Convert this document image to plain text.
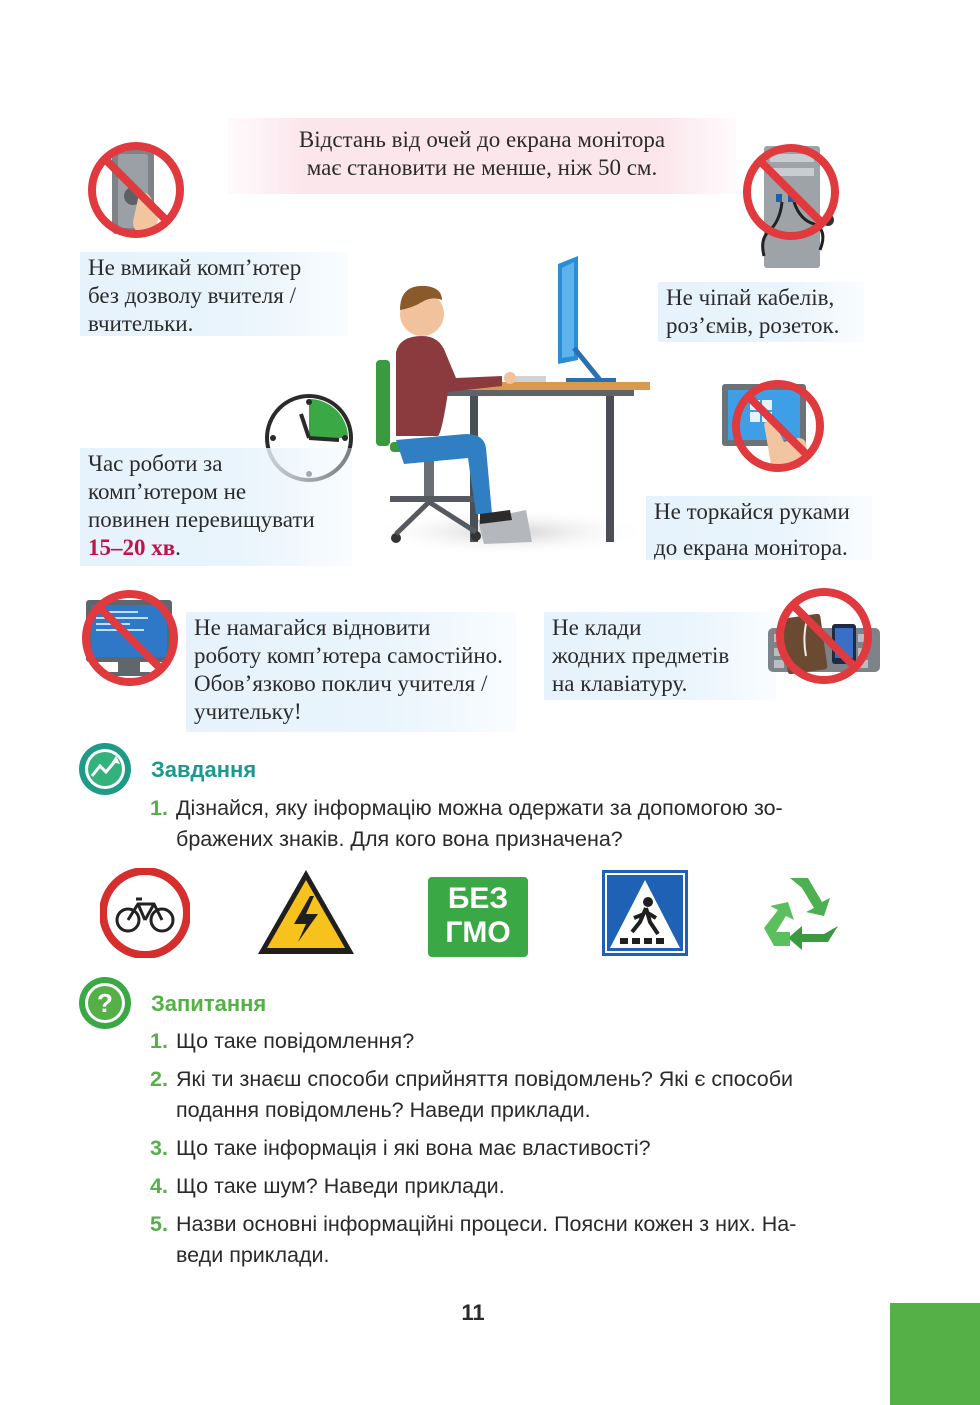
Відстань від очей до екрана монітора
має становити не менше, ніж 50 см.
Не вмикай комп’ютер
без дозволу вчителя /
вчительки.
Не чіпай кабелів,
роз’ємів, розеток.
Час роботи за
комп’ютером не
повинен перевищувати
15–20 хв.
Не торкайся руками
до екрана монітора.
Не намагайся відновити
роботу комп’ютера самостійно.
Обов’язково поклич учителя /
учительку!
Не клади
жодних предметів
на клавіатуру.
Завдання
1. Дізнайся, яку інформацію можна одержати за допомогою зо-
бражених знаків. Для кого вона призначена?
БЕЗ
ГМО
? Запитання
1. Що таке повідомлення?
2. Які ти знаєш способи сприйняття повідомлень? Які є способи
подання повідомлень? Наведи приклади.
3. Що таке інформація і які вона має властивості?
4. Що таке шум? Наведи приклади.
5. Назви основні інформаційні процеси. Поясни кожен з них. На-
веди приклади.
11
